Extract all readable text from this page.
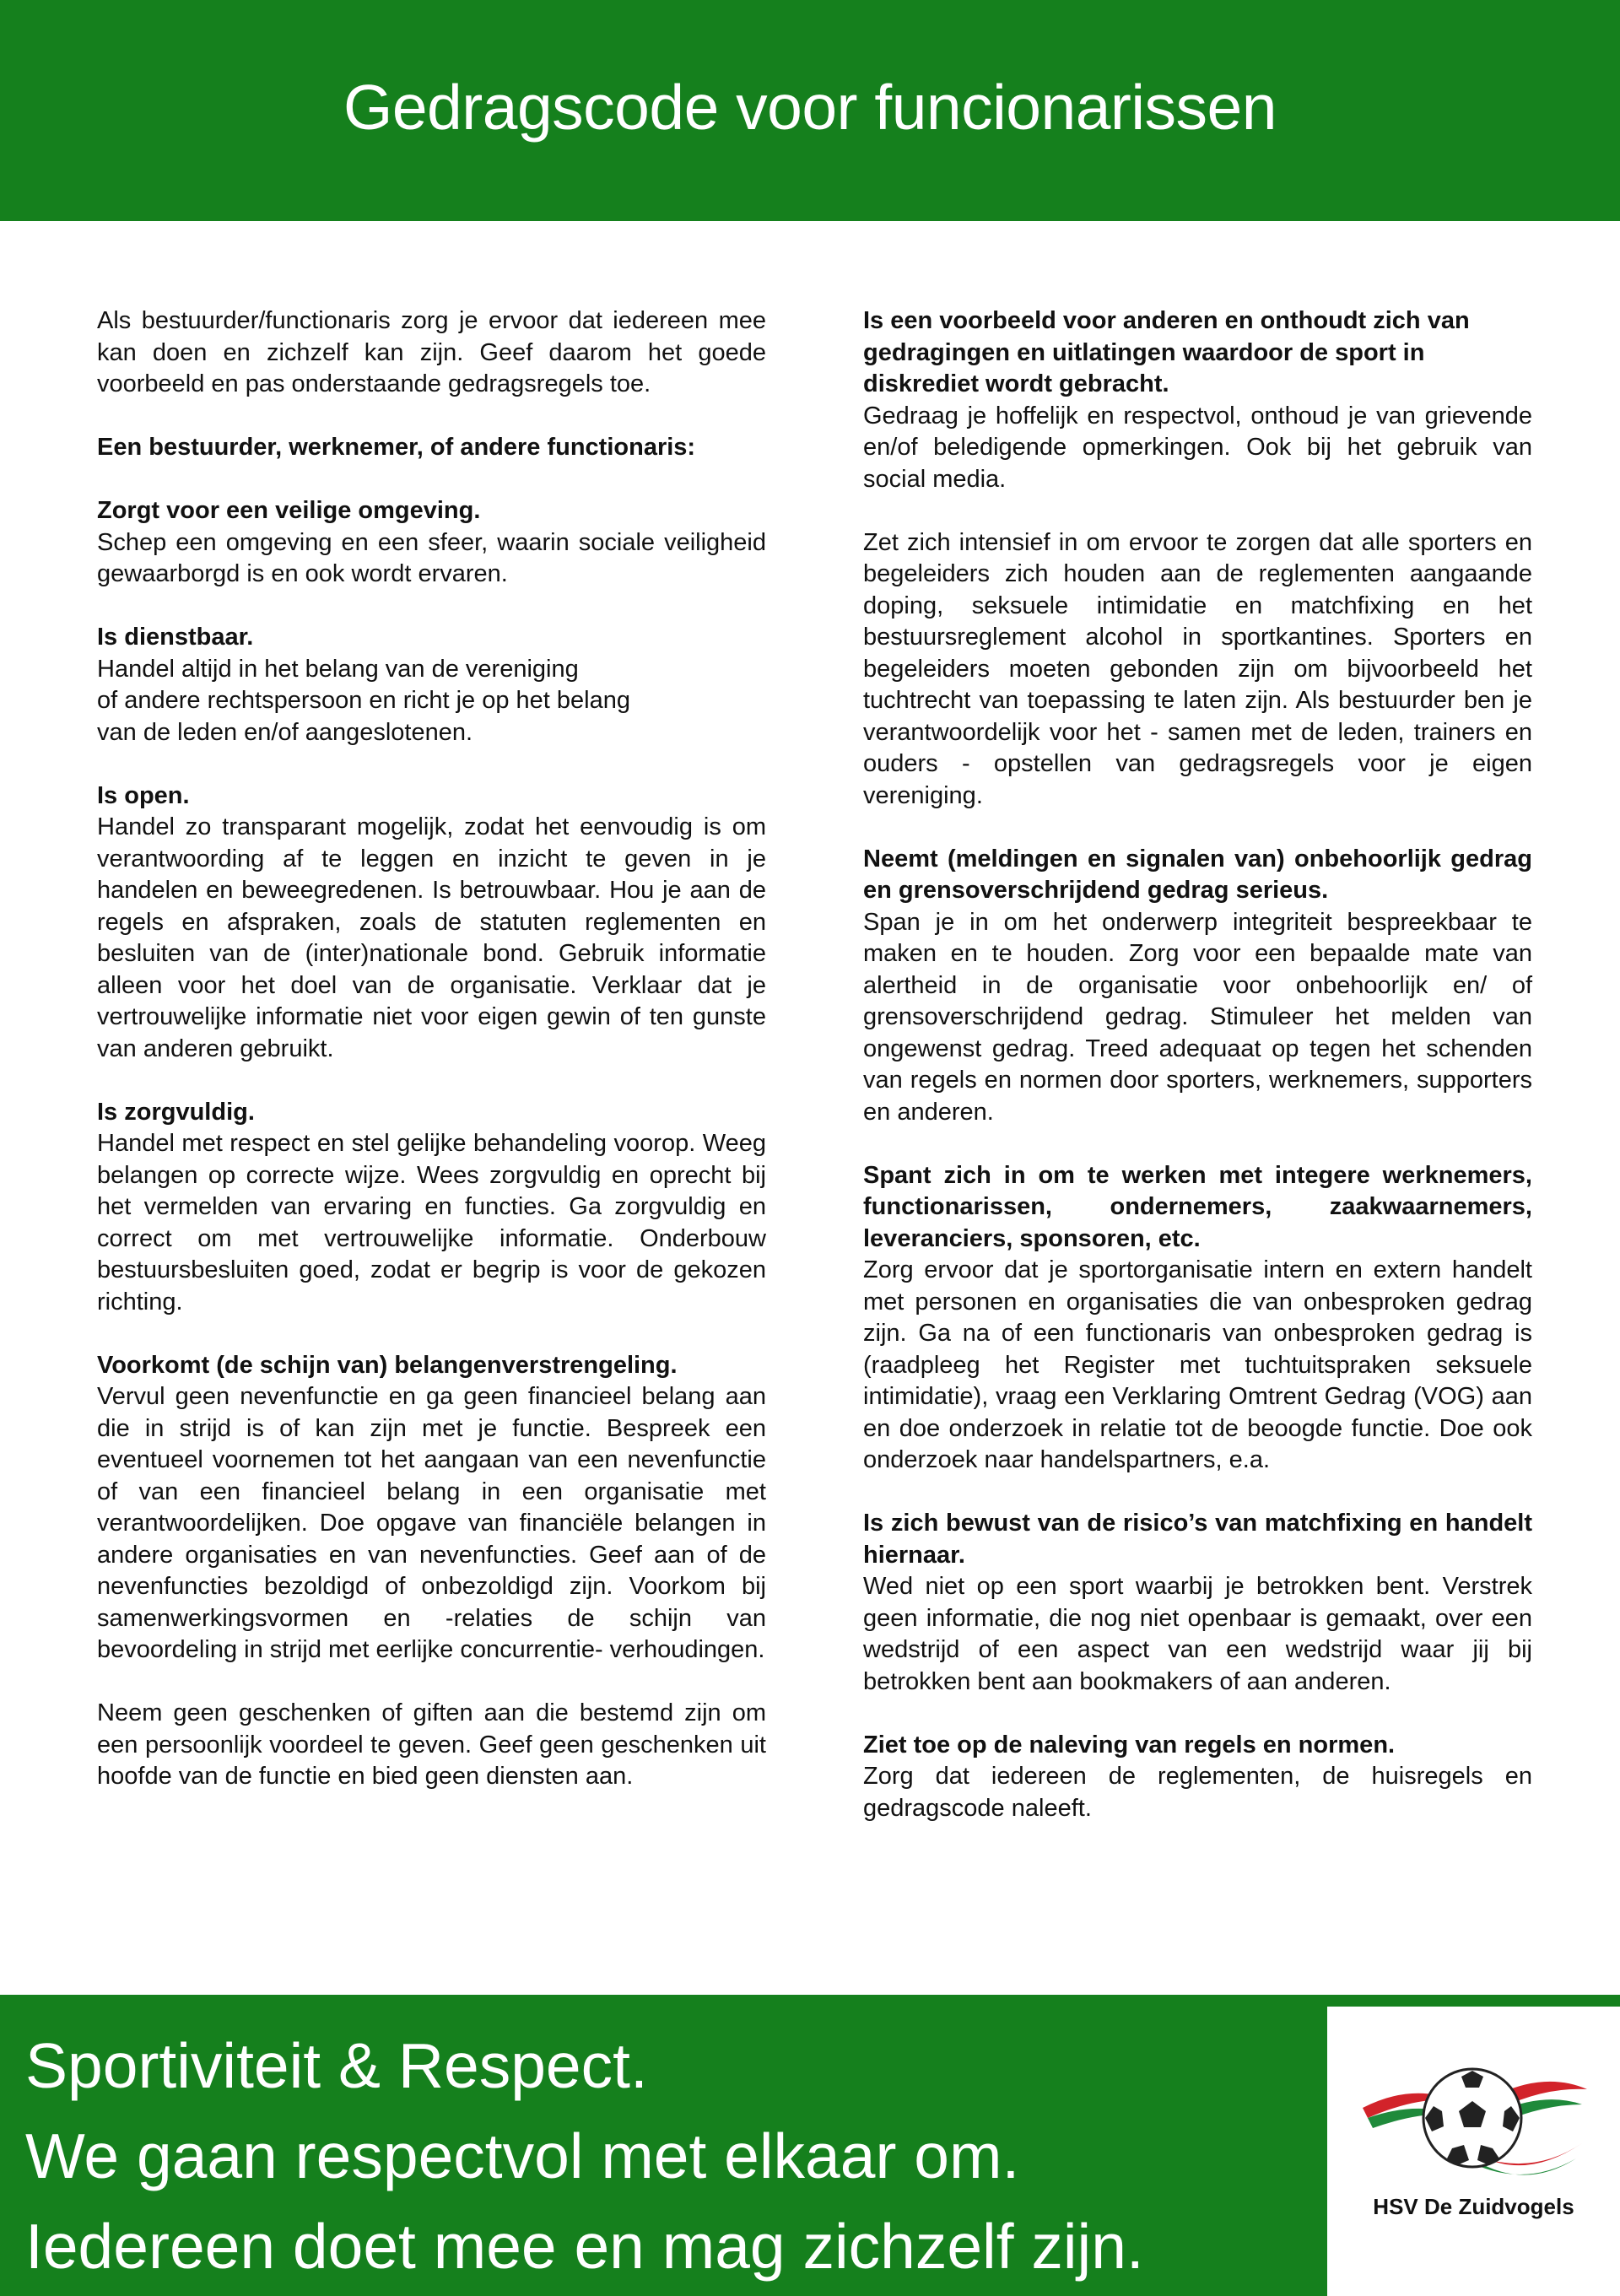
Gedragscode voor funcionarissen
Als bestuurder/functionaris zorg je ervoor dat iedereen mee kan doen en zichzelf kan zijn. Geef daarom het goede voorbeeld en pas onderstaande gedragsregels toe.
Een bestuurder, werknemer, of andere functionaris:
Zorgt voor een veilige omgeving.
Schep een omgeving en een sfeer, waarin sociale veiligheid gewaarborgd is en ook wordt ervaren.
Is dienstbaar.
Handel altijd in het belang van de vereniging
of andere rechtspersoon en richt je op het belang
van de leden en/of aangeslotenen.
Is open.
Handel zo transparant mogelijk, zodat het eenvoudig is om verantwoording af te leggen en inzicht te geven in je handelen en beweegredenen. Is betrouwbaar. Hou je aan de regels en afspraken, zoals de statuten reglementen en besluiten van de (inter)nationale bond. Gebruik informatie alleen voor het doel van de organisatie. Verklaar dat je vertrouwelijke informatie niet voor eigen gewin of ten gunste van anderen gebruikt.
Is zorgvuldig.
Handel met respect en stel gelijke behandeling voorop. Weeg belangen op correcte wijze. Wees zorgvuldig en oprecht bij het vermelden van ervaring en functies. Ga zorgvuldig en correct om met vertrouwelijke informatie. Onderbouw bestuursbesluiten goed, zodat er begrip is voor de gekozen richting.
Voorkomt (de schijn van) belangenverstrengeling.
Vervul geen nevenfunctie en ga geen financieel belang aan die in strijd is of kan zijn met je functie. Bespreek een eventueel voornemen tot het aangaan van een nevenfunctie of van een financieel belang in een organisatie met verantwoordelijken. Doe opgave van financiële belangen in andere organisaties en van nevenfuncties. Geef aan of de nevenfuncties bezoldigd of onbezoldigd zijn. Voorkom bij samenwerkingsvormen en -relaties de schijn van bevoordeling in strijd met eerlijke concurrentie- verhoudingen.
Neem geen geschenken of giften aan die bestemd zijn om een persoonlijk voordeel te geven. Geef geen geschenken uit hoofde van de functie en bied geen diensten aan.
Is een voorbeeld voor anderen en onthoudt zich van gedragingen en uitlatingen waardoor de sport in diskrediet wordt gebracht.
Gedraag je hoffelijk en respectvol, onthoud je van grievende en/of beledigende opmerkingen. Ook bij het gebruik van social media.
Zet zich intensief in om ervoor te zorgen dat alle sporters en begeleiders zich houden aan de reglementen aangaande doping, seksuele intimidatie en matchfixing en het bestuursreglement alcohol in sportkantines. Sporters en begeleiders moeten gebonden zijn om bijvoorbeeld het tuchtrecht van toepassing te laten zijn. Als bestuurder ben je verantwoordelijk voor het - samen met de leden, trainers en ouders - opstellen van gedragsregels voor je eigen vereniging.
Neemt (meldingen en signalen van) onbehoorlijk gedrag en grensoverschrijdend gedrag serieus.
Span je in om het onderwerp integriteit bespreekbaar te maken en te houden. Zorg voor een bepaalde mate van alertheid in de organisatie voor onbehoorlijk en/ of grensoverschrijdend gedrag. Stimuleer het melden van ongewenst gedrag. Treed adequaat op tegen het schenden van regels en normen door sporters, werknemers, supporters en anderen.
Spant zich in om te werken met integere werknemers, functionarissen, ondernemers, zaakwaarnemers, leveranciers, sponsoren, etc.
Zorg ervoor dat je sportorganisatie intern en extern handelt met personen en organisaties die van onbesproken gedrag zijn. Ga na of een functionaris van onbesproken gedrag is (raadpleeg het Register met tuchtuitspraken seksuele intimidatie), vraag een Verklaring Omtrent Gedrag (VOG) aan en doe onderzoek in relatie tot de beoogde functie. Doe ook onderzoek naar handelspartners, e.a.
Is zich bewust van de risico’s van matchfixing en handelt hiernaar.
Wed niet op een sport waarbij je betrokken bent. Verstrek geen informatie, die nog niet openbaar is gemaakt, over een wedstrijd of een aspect van een wedstrijd waar jij bij betrokken bent aan bookmakers of aan anderen.
Ziet toe op de naleving van regels en normen.
Zorg dat iedereen de reglementen, de huisregels en gedragscode naleeft.
Sportiviteit & Respect.
We gaan respectvol met elkaar om.
Iedereen doet mee en mag zichzelf zijn.
HSV De Zuidvogels
